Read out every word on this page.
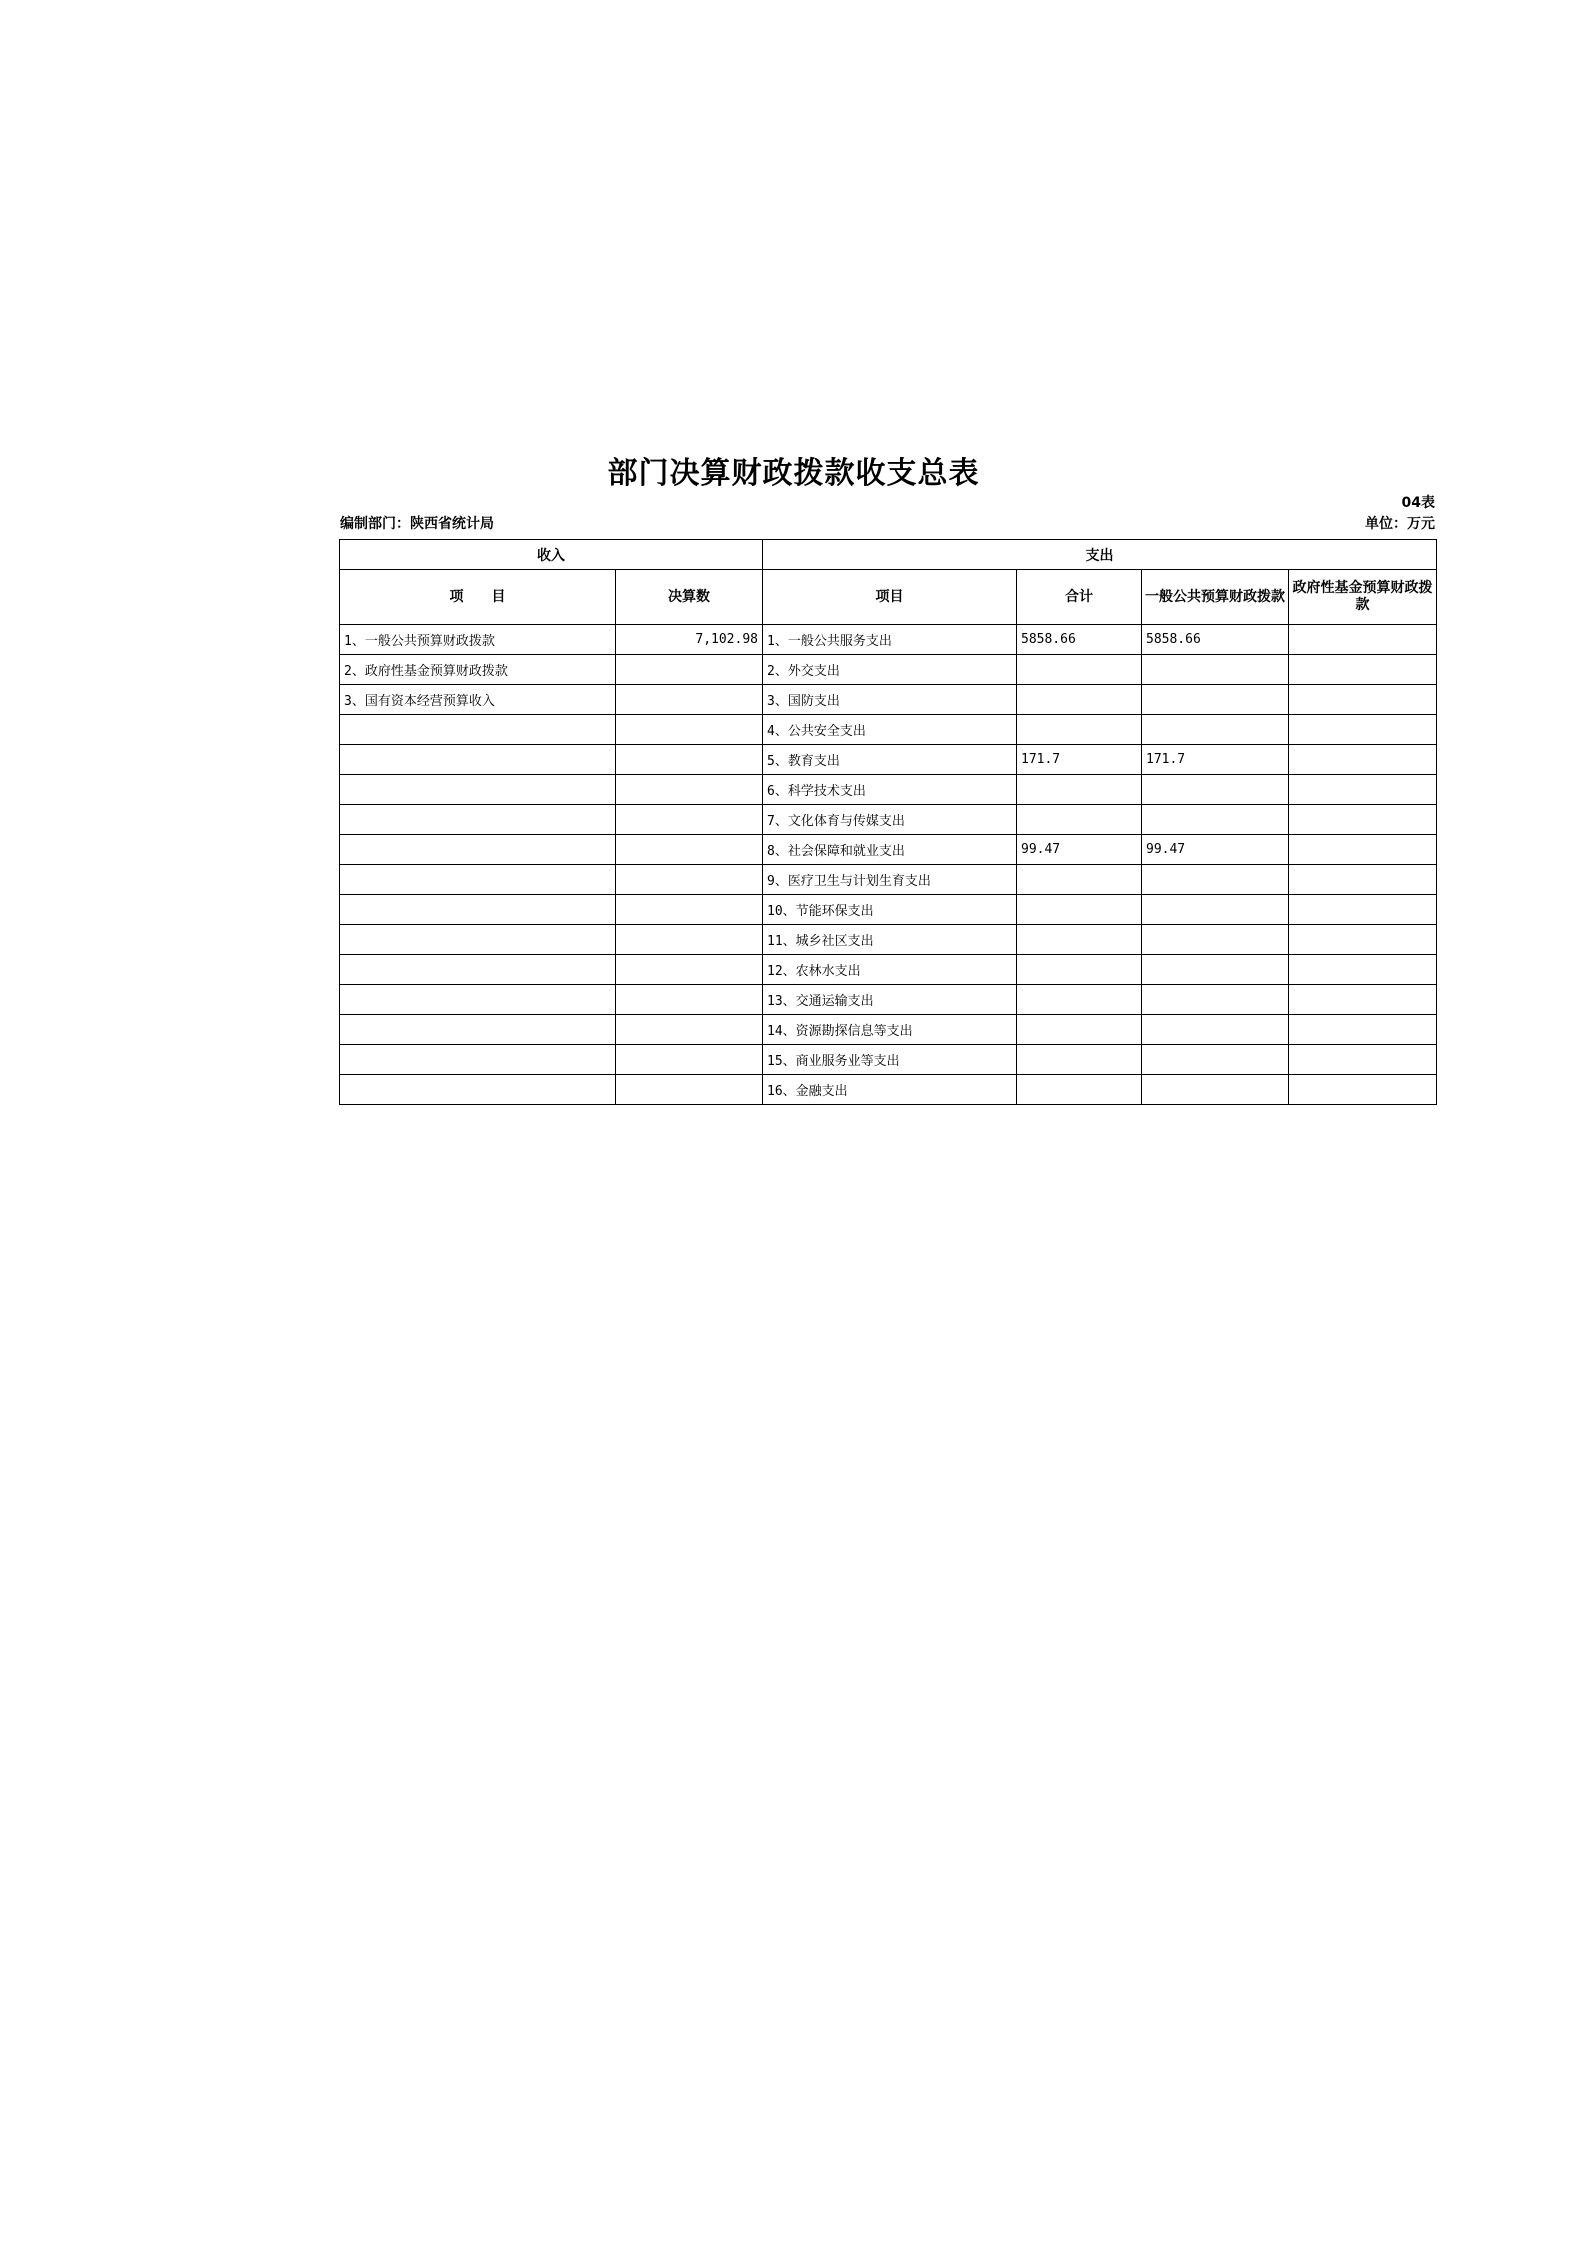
部门决算财政拨款收支总表
04表
编制部门：陕西省统计局	单位：万元
收入		支出			
项　　目	决算数	项目	合计	一般公共预算财政拨款	政府性基金预算财政拨款
1、一般公共预算财政拨款	7,102.98	1、一般公共服务支出	5858.66	5858.66	
2、政府性基金预算财政拨款		2、外交支出			
3、国有资本经营预算收入		3、国防支出			
		4、公共安全支出			
		5、教育支出	171.7	171.7	
		6、科学技术支出			
		7、文化体育与传媒支出			
		8、社会保障和就业支出	99.47	99.47	
		9、医疗卫生与计划生育支出			
		10、节能环保支出			
		11、城乡社区支出			
		12、农林水支出			
		13、交通运输支出			
		14、资源勘探信息等支出			
		15、商业服务业等支出			
		16、金融支出			
